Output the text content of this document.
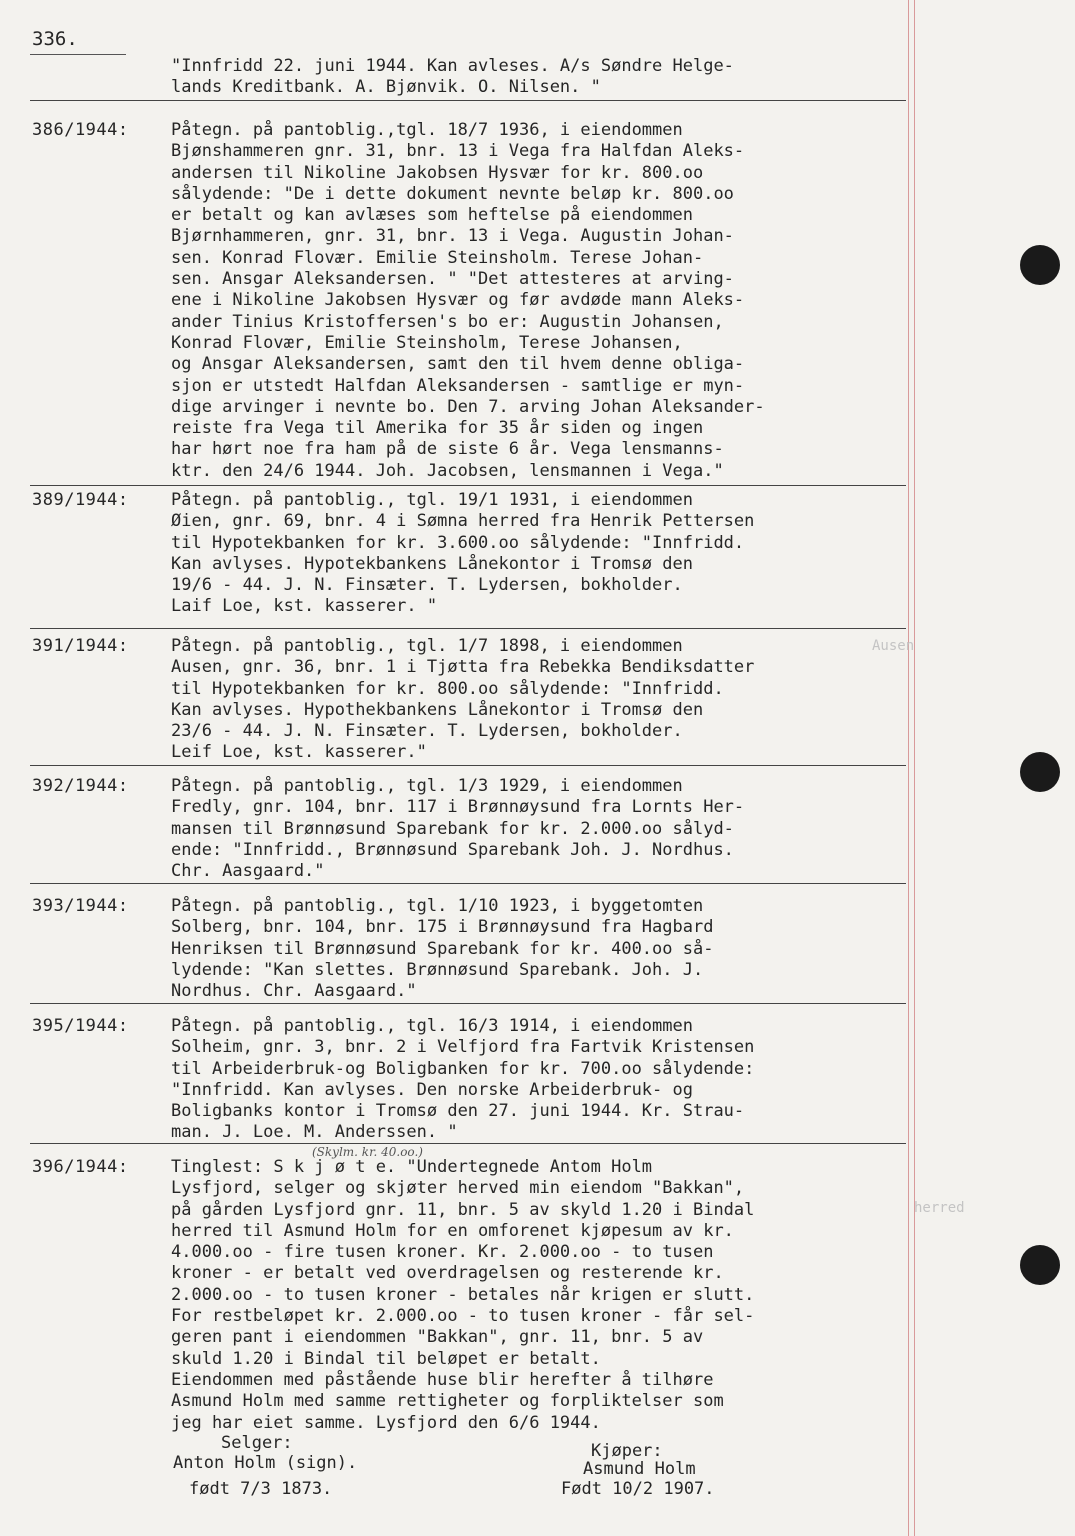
336.
"Innfridd 22. juni 1944. Kan avleses. A/s Søndre Helge-
lands Kreditbank. A. Bjønvik. O. Nilsen. "
386/1944: Påtegn. på pantoblig.,tgl. 18/7 1936, i eiendommen
Bjønshammeren gnr. 31, bnr. 13 i Vega fra Halfdan Aleks-
andersen til Nikoline Jakobsen Hysvær for kr. 800.oo
sålydende: "De i dette dokument nevnte beløp kr. 800.oo
er betalt og kan avlæses som heftelse på eiendommen
Bjørnhammeren, gnr. 31, bnr. 13 i Vega. Augustin Johan-
sen. Konrad Flovær. Emilie Steinsholm. Terese Johan-
sen. Ansgar Aleksandersen. " "Det attesteres at arving-
ene i Nikoline Jakobsen Hysvær og før avdøde mann Aleks-
ander Tinius Kristoffersen's bo er: Augustin Johansen,
Konrad Flovær, Emilie Steinsholm, Terese Johansen,
og Ansgar Aleksandersen, samt den til hvem denne obliga-
sjon er utstedt Halfdan Aleksandersen - samtlige er myn-
dige arvinger i nevnte bo. Den 7. arving Johan Aleksander-
reiste fra Vega til Amerika for 35 år siden og ingen
har hørt noe fra ham på de siste 6 år. Vega lensmanns-
ktr. den 24/6 1944. Joh. Jacobsen, lensmannen i Vega."
389/1944: Påtegn. på pantoblig., tgl. 19/1 1931, i eiendommen
Øien, gnr. 69, bnr. 4 i Sømna herred fra Henrik Pettersen
til Hypotekbanken for kr. 3.600.oo sålydende: "Innfridd.
Kan avlyses. Hypotekbankens Lånekontor i Tromsø den
19/6 - 44. J. N. Finsæter. T. Lydersen, bokholder.
Laif Loe, kst. kasserer. "
391/1944: Påtegn. på pantoblig., tgl. 1/7 1898, i eiendommen
Ausen, gnr. 36, bnr. 1 i Tjøtta fra Rebekka Bendiksdatter
til Hypotekbanken for kr. 800.oo sålydende: "Innfridd.
Kan avlyses. Hypothekbankens Lånekontor i Tromsø den
23/6 - 44. J. N. Finsæter. T. Lydersen, bokholder.
Leif Loe, kst. kasserer."
392/1944: Påtegn. på pantoblig., tgl. 1/3 1929, i eiendommen
Fredly, gnr. 104, bnr. 117 i Brønnøysund fra Lornts Her-
mansen til Brønnøsund Sparebank for kr. 2.000.oo sålyd-
ende: "Innfridd., Brønnøsund Sparebank Joh. J. Nordhus.
Chr. Aasgaard."
393/1944: Påtegn. på pantoblig., tgl. 1/10 1923, i byggetomten
Solberg, bnr. 104, bnr. 175 i Brønnøysund fra Hagbard
Henriksen til Brønnøsund Sparebank for kr. 400.oo så-
lydende: "Kan slettes. Brønnøsund Sparebank. Joh. J.
Nordhus. Chr. Aasgaard."
395/1944: Påtegn. på pantoblig., tgl. 16/3 1914, i eiendommen
Solheim, gnr. 3, bnr. 2 i Velfjord fra Fartvik Kristensen
til Arbeiderbruk-og Boligbanken for kr. 700.oo sålydende:
"Innfridd. Kan avlyses. Den norske Arbeiderbruk- og
Boligbanks kontor i Tromsø den 27. juni 1944. Kr. Strau-
man. J. Loe. M. Anderssen. "
396/1944: Tinglest: S k j ø t e. "Undertegnede Antom Holm
Lysfjord, selger og skjøter herved min eiendom "Bakkan",
på gården Lysfjord gnr. 11, bnr. 5 av skyld 1.20 i Bindal
herred til Asmund Holm for en omforenet kjøpesum av kr.
4.000.oo - fire tusen kroner. Kr. 2.000.oo - to tusen
kroner - er betalt ved overdragelsen og resterende kr.
2.000.oo - to tusen kroner - betales når krigen er slutt.
For restbeløpet kr. 2.000.oo - to tusen kroner - får sel-
geren pant i eiendommen "Bakkan", gnr. 11, bnr. 5 av
skuld 1.20 i Bindal til beløpet er betalt.
Eiendommen med påstående huse blir herefter å tilhøre
Asmund Holm med samme rettigheter og forpliktelser som
jeg har eiet samme. Lysfjord den 6/6 1944.
(Skylm. kr. 40.oo.)
Ausen
herred
Selger:
Anton Holm (sign).
født 7/3 1873.
Kjøper:
Asmund Holm
Født 10/2 1907.
